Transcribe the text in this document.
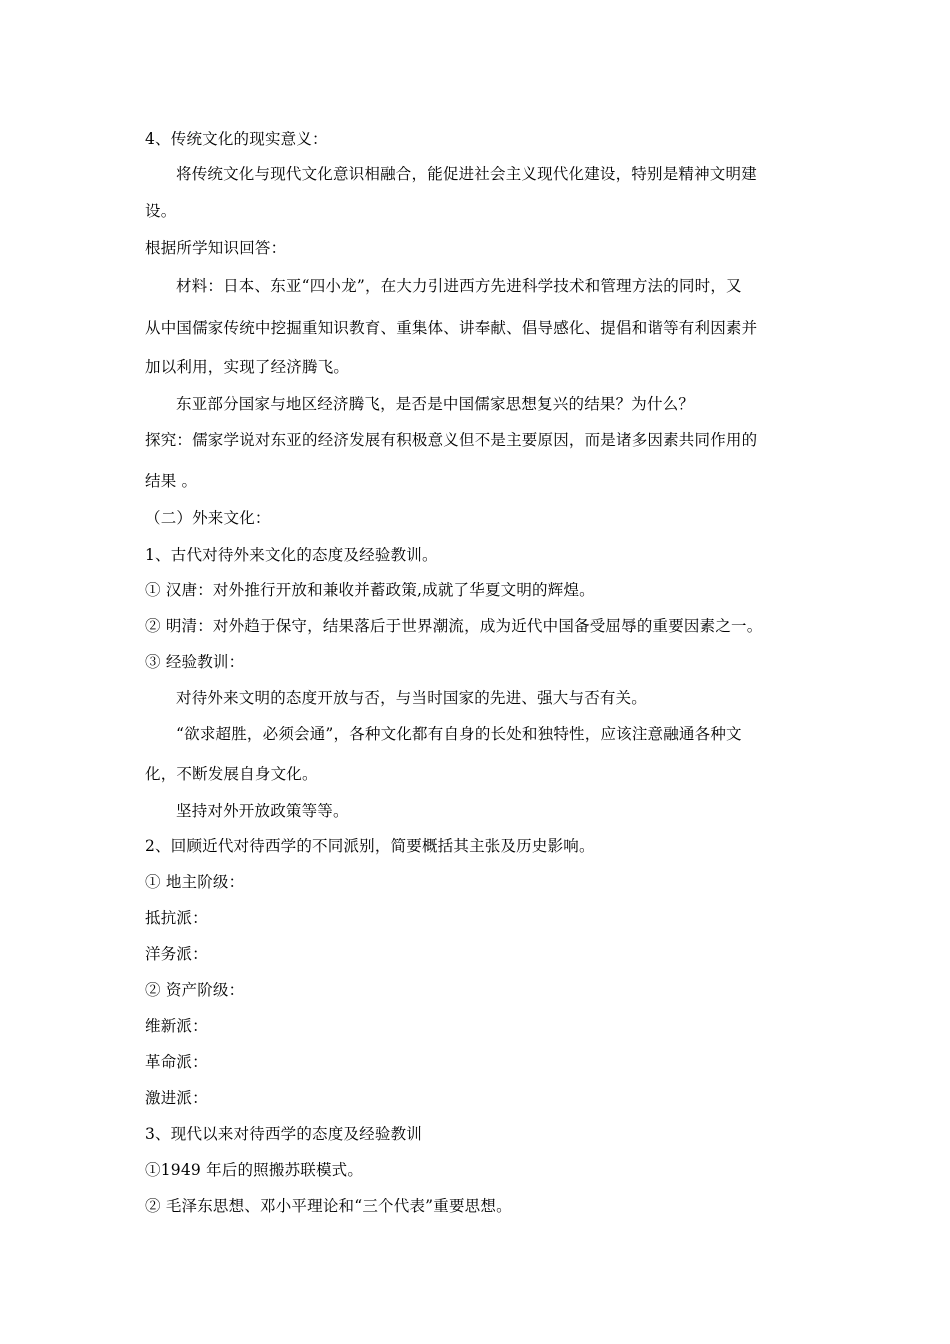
4、传统文化的现实意义：
将传统文化与现代文化意识相融合，能促进社会主义现代化建设，特别是精神文明建
设。
根据所学知识回答：
材料：日本、东亚“四小龙”，在大力引进西方先进科学技术和管理方法的同时，又
从中国儒家传统中挖掘重知识教育、重集体、讲奉献、倡导感化、提倡和谐等有利因素并
加以利用，实现了经济腾飞。
东亚部分国家与地区经济腾飞，是否是中国儒家思想复兴的结果？为什么？
探究：儒家学说对东亚的经济发展有积极意义但不是主要原因，而是诸多因素共同作用的
结果 。
（二）外来文化：
1、古代对待外来文化的态度及经验教训。
① 汉唐：对外推行开放和兼收并蓄政策,成就了华夏文明的辉煌。
② 明清：对外趋于保守，结果落后于世界潮流，成为近代中国备受屈辱的重要因素之一。
③ 经验教训：
对待外来文明的态度开放与否，与当时国家的先进、强大与否有关。
“欲求超胜，必须会通”，各种文化都有自身的长处和独特性，应该注意融通各种文
化，不断发展自身文化。
坚持对外开放政策等等。
2、回顾近代对待西学的不同派别，简要概括其主张及历史影响。
① 地主阶级：
抵抗派：
洋务派：
② 资产阶级：
维新派：
革命派：
激进派：
3、现代以来对待西学的态度及经验教训
①1949 年后的照搬苏联模式。
② 毛泽东思想、邓小平理论和“三个代表”重要思想。
